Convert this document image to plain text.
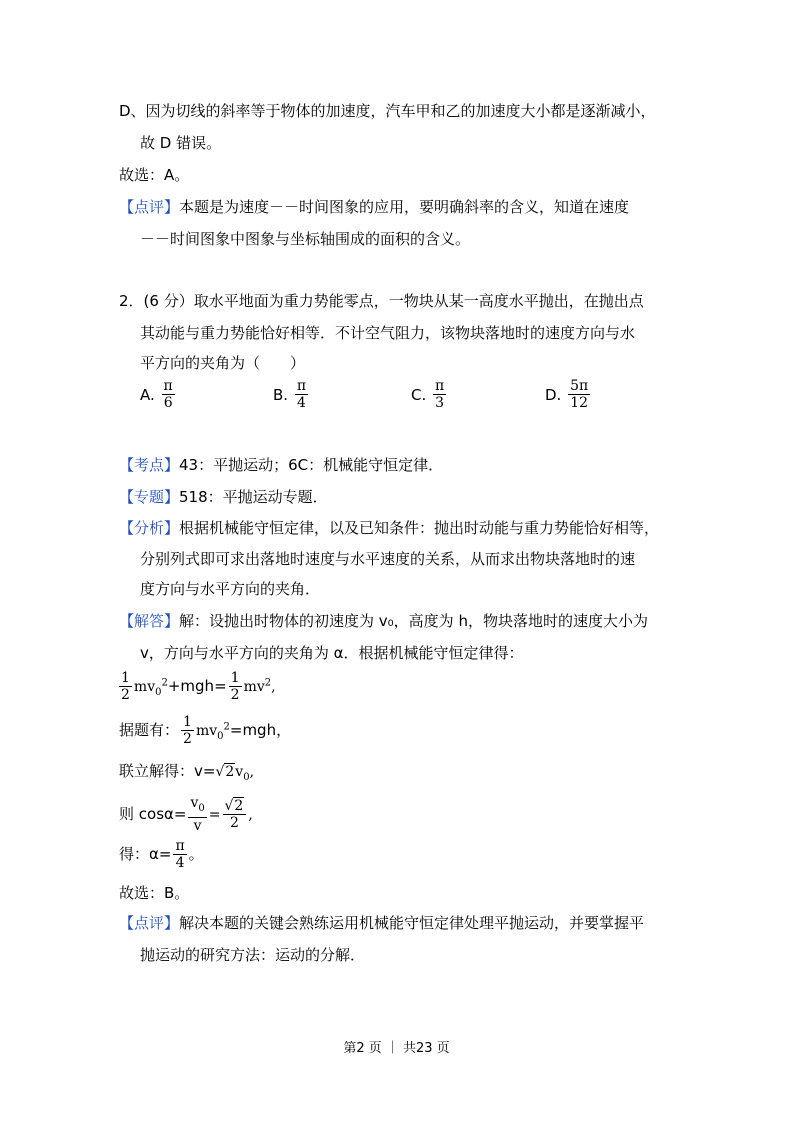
D、因为切线的斜率等于物体的加速度，汽车甲和乙的加速度大小都是逐渐减小，
故 D 错误。
故选：A。
【点评】本题是为速度－－时间图象的应用，要明确斜率的含义，知道在速度
－－时间图象中图象与坐标轴围成的面积的含义。
2．(6 分）取水平地面为重力势能零点，一物块从某一高度水平抛出，在抛出点
其动能与重力势能恰好相等．不计空气阻力，该物块落地时的速度方向与水
平方向的夹角为（　　）
A. $\frac{\pi}{6}$	B. $\frac{\pi}{4}$	C. $\frac{\pi}{3}$	D. $\frac{5\pi}{12}$
【考点】43：平抛运动；6C：机械能守恒定律．
【专题】518：平抛运动专题．
【分析】根据机械能守恒定律，以及已知条件：抛出时动能与重力势能恰好相等，
分别列式即可求出落地时速度与水平速度的关系，从而求出物块落地时的速
度方向与水平方向的夹角．
【解答】解：设抛出时物体的初速度为 v₀，高度为 h，物块落地时的速度大小为
v，方向与水平方向的夹角为 α．根据机械能守恒定律得：
$\frac{1}{2} mv_0^2+mgh= \frac{1}{2} mv^2$,
据题有： $\frac{1}{2} mv_0^2=mgh$，
联立解得：$v=√2v_0$,
则 $\cos\alpha= \frac{v_0}{v} = \frac{√2}{2}$ ,
得：$\alpha= \frac{\pi}{4}$ 。
故选：B。
【点评】解决本题的关键会熟练运用机械能守恒定律处理平抛运动，并要掌握平
抛运动的研究方法：运动的分解．
第2 页 ｜ 共23 页
